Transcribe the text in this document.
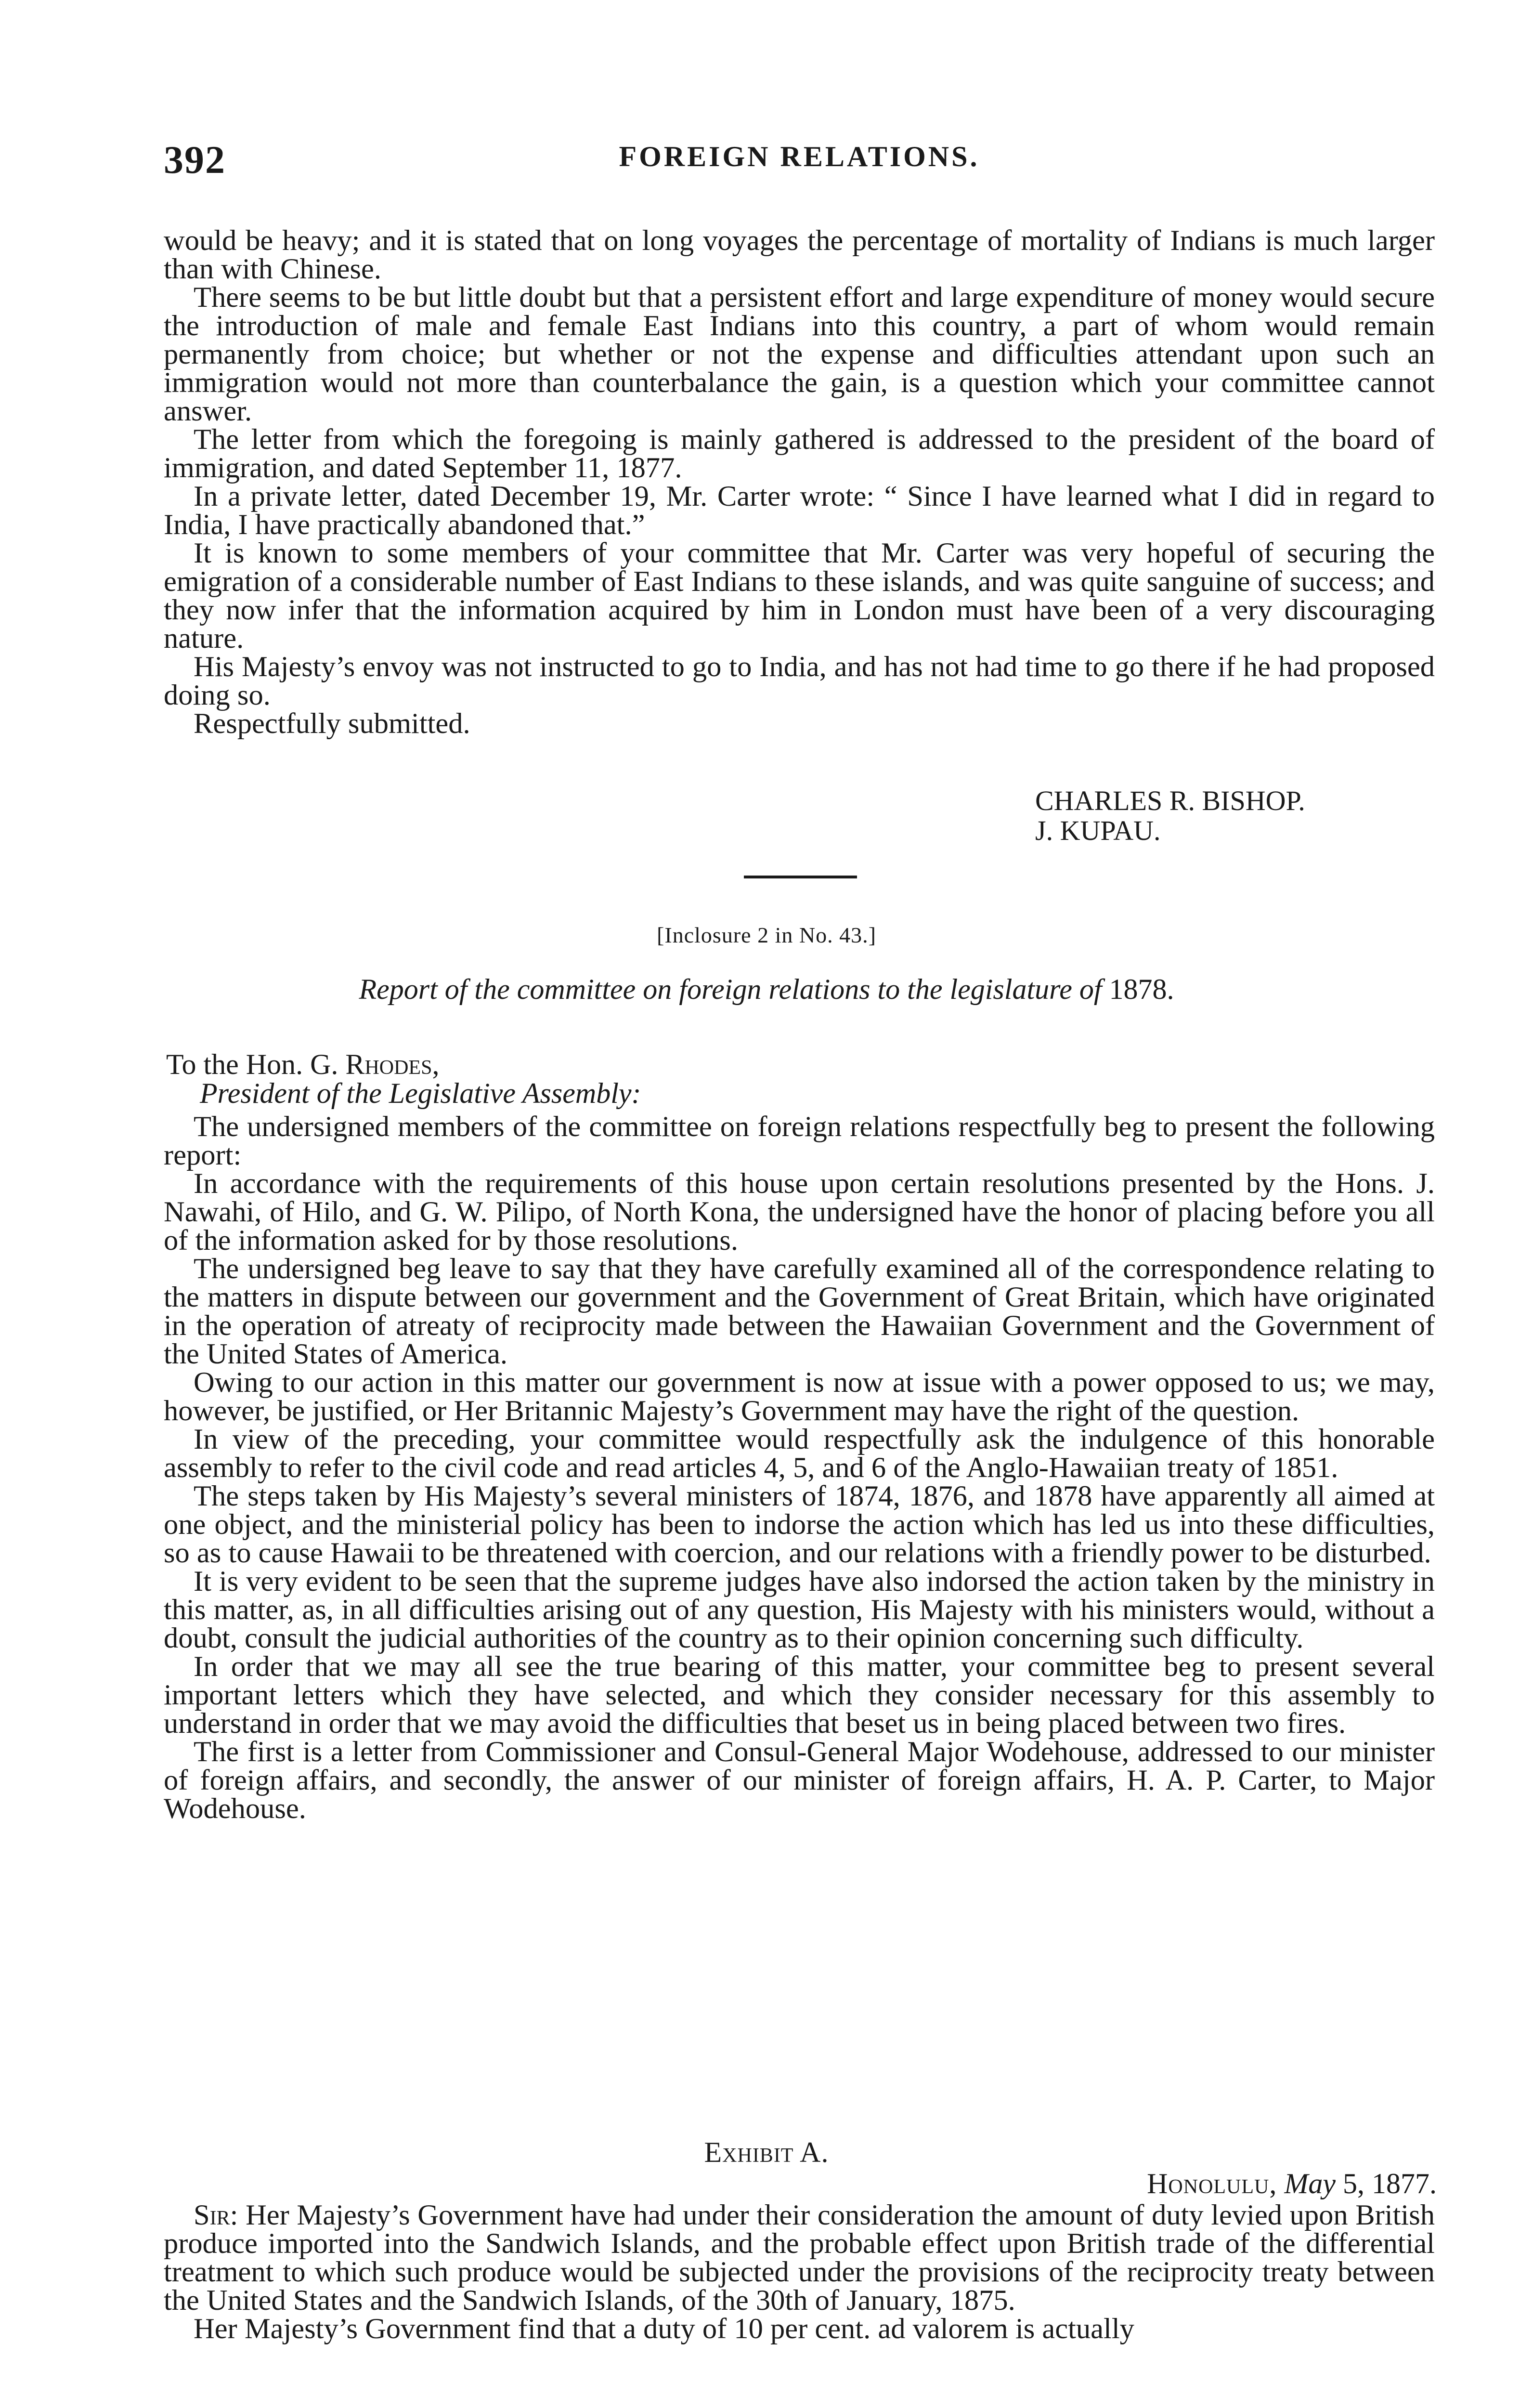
392	FOREIGN RELATIONS.

would be heavy; and it is stated that on long voyages the percentage of mortality of Indians is much larger than with Chinese.

There seems to be but little doubt but that a persistent effort and large expenditure of money would secure the introduction of male and female East Indians into this country, a part of whom would remain permanently from choice; but whether or not the expense and difficulties attendant upon such an immigration would not more than counterbalance the gain, is a question which your committee cannot answer.

The letter from which the foregoing is mainly gathered is addressed to the president of the board of immigration, and dated September 11, 1877.

In a private letter, dated December 19, Mr. Carter wrote: “ Since I have learned what I did in regard to India, I have practically abandoned that.”

It is known to some members of your committee that Mr. Carter was very hopeful of securing the emigration of a considerable number of East Indians to these islands, and was quite sanguine of success; and they now infer that the information acquired by him in London must have been of a very discouraging nature.

His Majesty’s envoy was not instructed to go to India, and has not had time to go there if he had proposed doing so.

Respectfully submitted.

CHARLES R. BISHOP.
J. KUPAU.
[Inclosure 2 in No. 43.]
Report of the committee on foreign relations to the legislature of 1878.
To the Hon. G. Rhodes,
President of the Legislative Assembly:

The undersigned members of the committee on foreign relations respectfully beg to present the following report:

In accordance with the requirements of this house upon certain resolutions presented by the Hons. J. Nawahi, of Hilo, and G. W. Pilipo, of North Kona, the undersigned have the honor of placing before you all of the information asked for by those resolutions.

The undersigned beg leave to say that they have carefully examined all of the correspondence relating to the matters in dispute between our government and the Government of Great Britain, which have originated in the operation of atreaty of reciprocity made between the Hawaiian Government and the Government of the United States of America.

Owing to our action in this matter our government is now at issue with a power opposed to us; we may, however, be justified, or Her Britannic Majesty’s Government may have the right of the question.

In view of the preceding, your committee would respectfully ask the indulgence of this honorable assembly to refer to the civil code and read articles 4, 5, and 6 of the Anglo-Hawaiian treaty of 1851.

The steps taken by His Majesty’s several ministers of 1874, 1876, and 1878 have apparently all aimed at one object, and the ministerial policy has been to indorse the action which has led us into these difficulties, so as to cause Hawaii to be threatened with coercion, and our relations with a friendly power to be disturbed.

It is very evident to be seen that the supreme judges have also indorsed the action taken by the ministry in this matter, as, in all difficulties arising out of any question, His Majesty with his ministers would, without a doubt, consult the judicial authorities of the country as to their opinion concerning such difficulty.

In order that we may all see the true bearing of this matter, your committee beg to present several important letters which they have selected, and which they consider necessary for this assembly to understand in order that we may avoid the difficulties that beset us in being placed between two fires.

The first is a letter from Commissioner and Consul-General Major Wodehouse, addressed to our minister of foreign affairs, and secondly, the answer of our minister of foreign affairs, H. A. P. Carter, to Major Wodehouse.

Exhibit A.
Honolulu, May 5, 1877.

Sir: Her Majesty’s Government have had under their consideration the amount of duty levied upon British produce imported into the Sandwich Islands, and the probable effect upon British trade of the differential treatment to which such produce would be subjected under the provisions of the reciprocity treaty between the United States and the Sandwich Islands, of the 30th of January, 1875.

Her Majesty’s Government find that a duty of 10 per cent. ad valorem is actually
